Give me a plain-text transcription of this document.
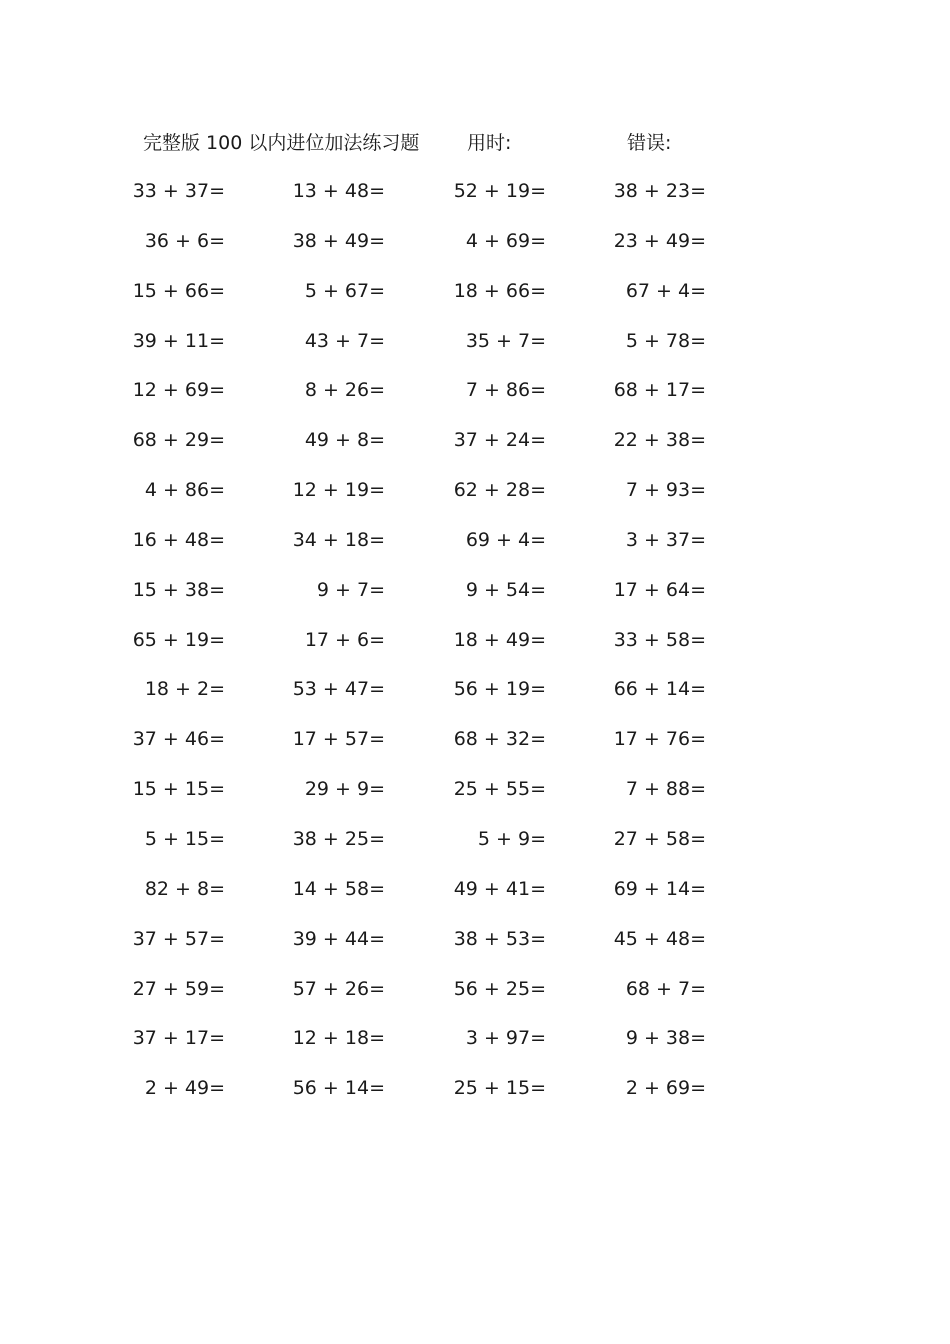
完整版 100 以内进位加法练习题	用时:	错误:
33 + 37=	13 + 48=	52 + 19=	38 + 23=
36 + 6=	38 + 49=	4 + 69=	23 + 49=
15 + 66=	5 + 67=	18 + 66=	67 + 4=
39 + 11=	43 + 7=	35 + 7=	5 + 78=
12 + 69=	8 + 26=	7 + 86=	68 + 17=
68 + 29=	49 + 8=	37 + 24=	22 + 38=
4 + 86=	12 + 19=	62 + 28=	7 + 93=
16 + 48=	34 + 18=	69 + 4=	3 + 37=
15 + 38=	9 + 7=	9 + 54=	17 + 64=
65 + 19=	17 + 6=	18 + 49=	33 + 58=
18 + 2=	53 + 47=	56 + 19=	66 + 14=
37 + 46=	17 + 57=	68 + 32=	17 + 76=
15 + 15=	29 + 9=	25 + 55=	7 + 88=
5 + 15=	38 + 25=	5 + 9=	27 + 58=
82 + 8=	14 + 58=	49 + 41=	69 + 14=
37 + 57=	39 + 44=	38 + 53=	45 + 48=
27 + 59=	57 + 26=	56 + 25=	68 + 7=
37 + 17=	12 + 18=	3 + 97=	9 + 38=
2 + 49=	56 + 14=	25 + 15=	2 + 69=
